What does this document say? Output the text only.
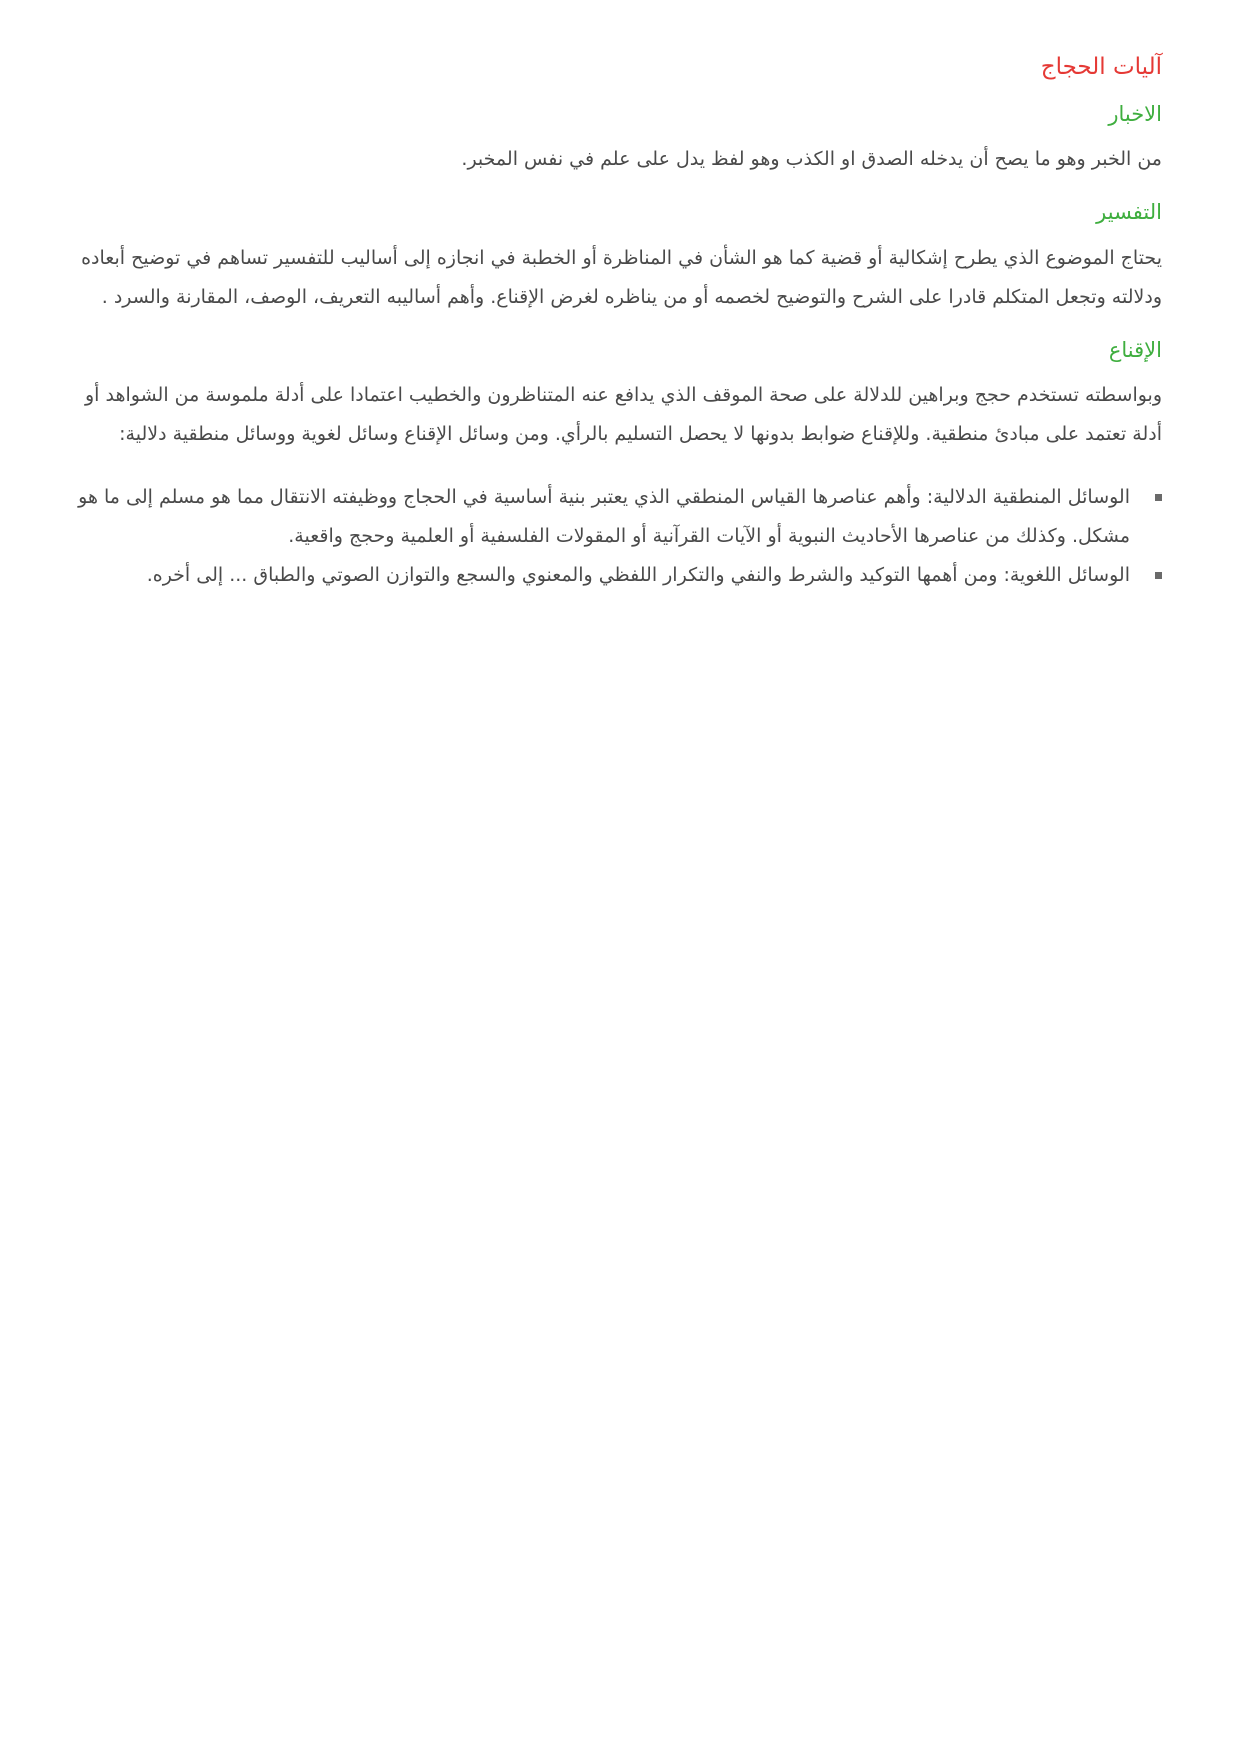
آليات الحجاج
الاخبار

من الخبر وهو ما يصح أن يدخله الصدق او الكذب وهو لفظ يدل على علم في نفس المخبر.

التفسير

يحتاج الموضوع الذي يطرح إشكالية أو قضية كما هو الشأن في المناظرة أو الخطبة في انجازه إلى أساليب للتفسير تساهم في توضيح أبعاده ودلالته وتجعل المتكلم قادرا على الشرح والتوضيح لخصمه أو من يناظره لغرض الإقناع. وأهم أساليبه التعريف، الوصف، المقارنة والسرد .

الإقناع

وبواسطته تستخدم حجج وبراهين للدلالة على صحة الموقف الذي يدافع عنه المتناظرون والخطيب اعتمادا على أدلة ملموسة من الشواهد أو أدلة تعتمد على مبادئ منطقية. وللإقناع ضوابط بدونها لا يحصل التسليم بالرأي. ومن وسائل الإقناع وسائل لغوية ووسائل منطقية دلالية:

الوسائل المنطقية الدلالية: وأهم عناصرها القياس المنطقي الذي يعتبر بنية أساسية في الحجاج ووظيفته الانتقال مما هو مسلم إلى ما هو مشكل. وكذلك من عناصرها الأحاديث النبوية أو الآيات القرآنية أو المقولات الفلسفية أو العلمية وحجج واقعية.
الوسائل اللغوية: ومن أهمها التوكيد والشرط والنفي والتكرار اللفظي والمعنوي والسجع والتوازن الصوتي والطباق ... إلى أخره.
